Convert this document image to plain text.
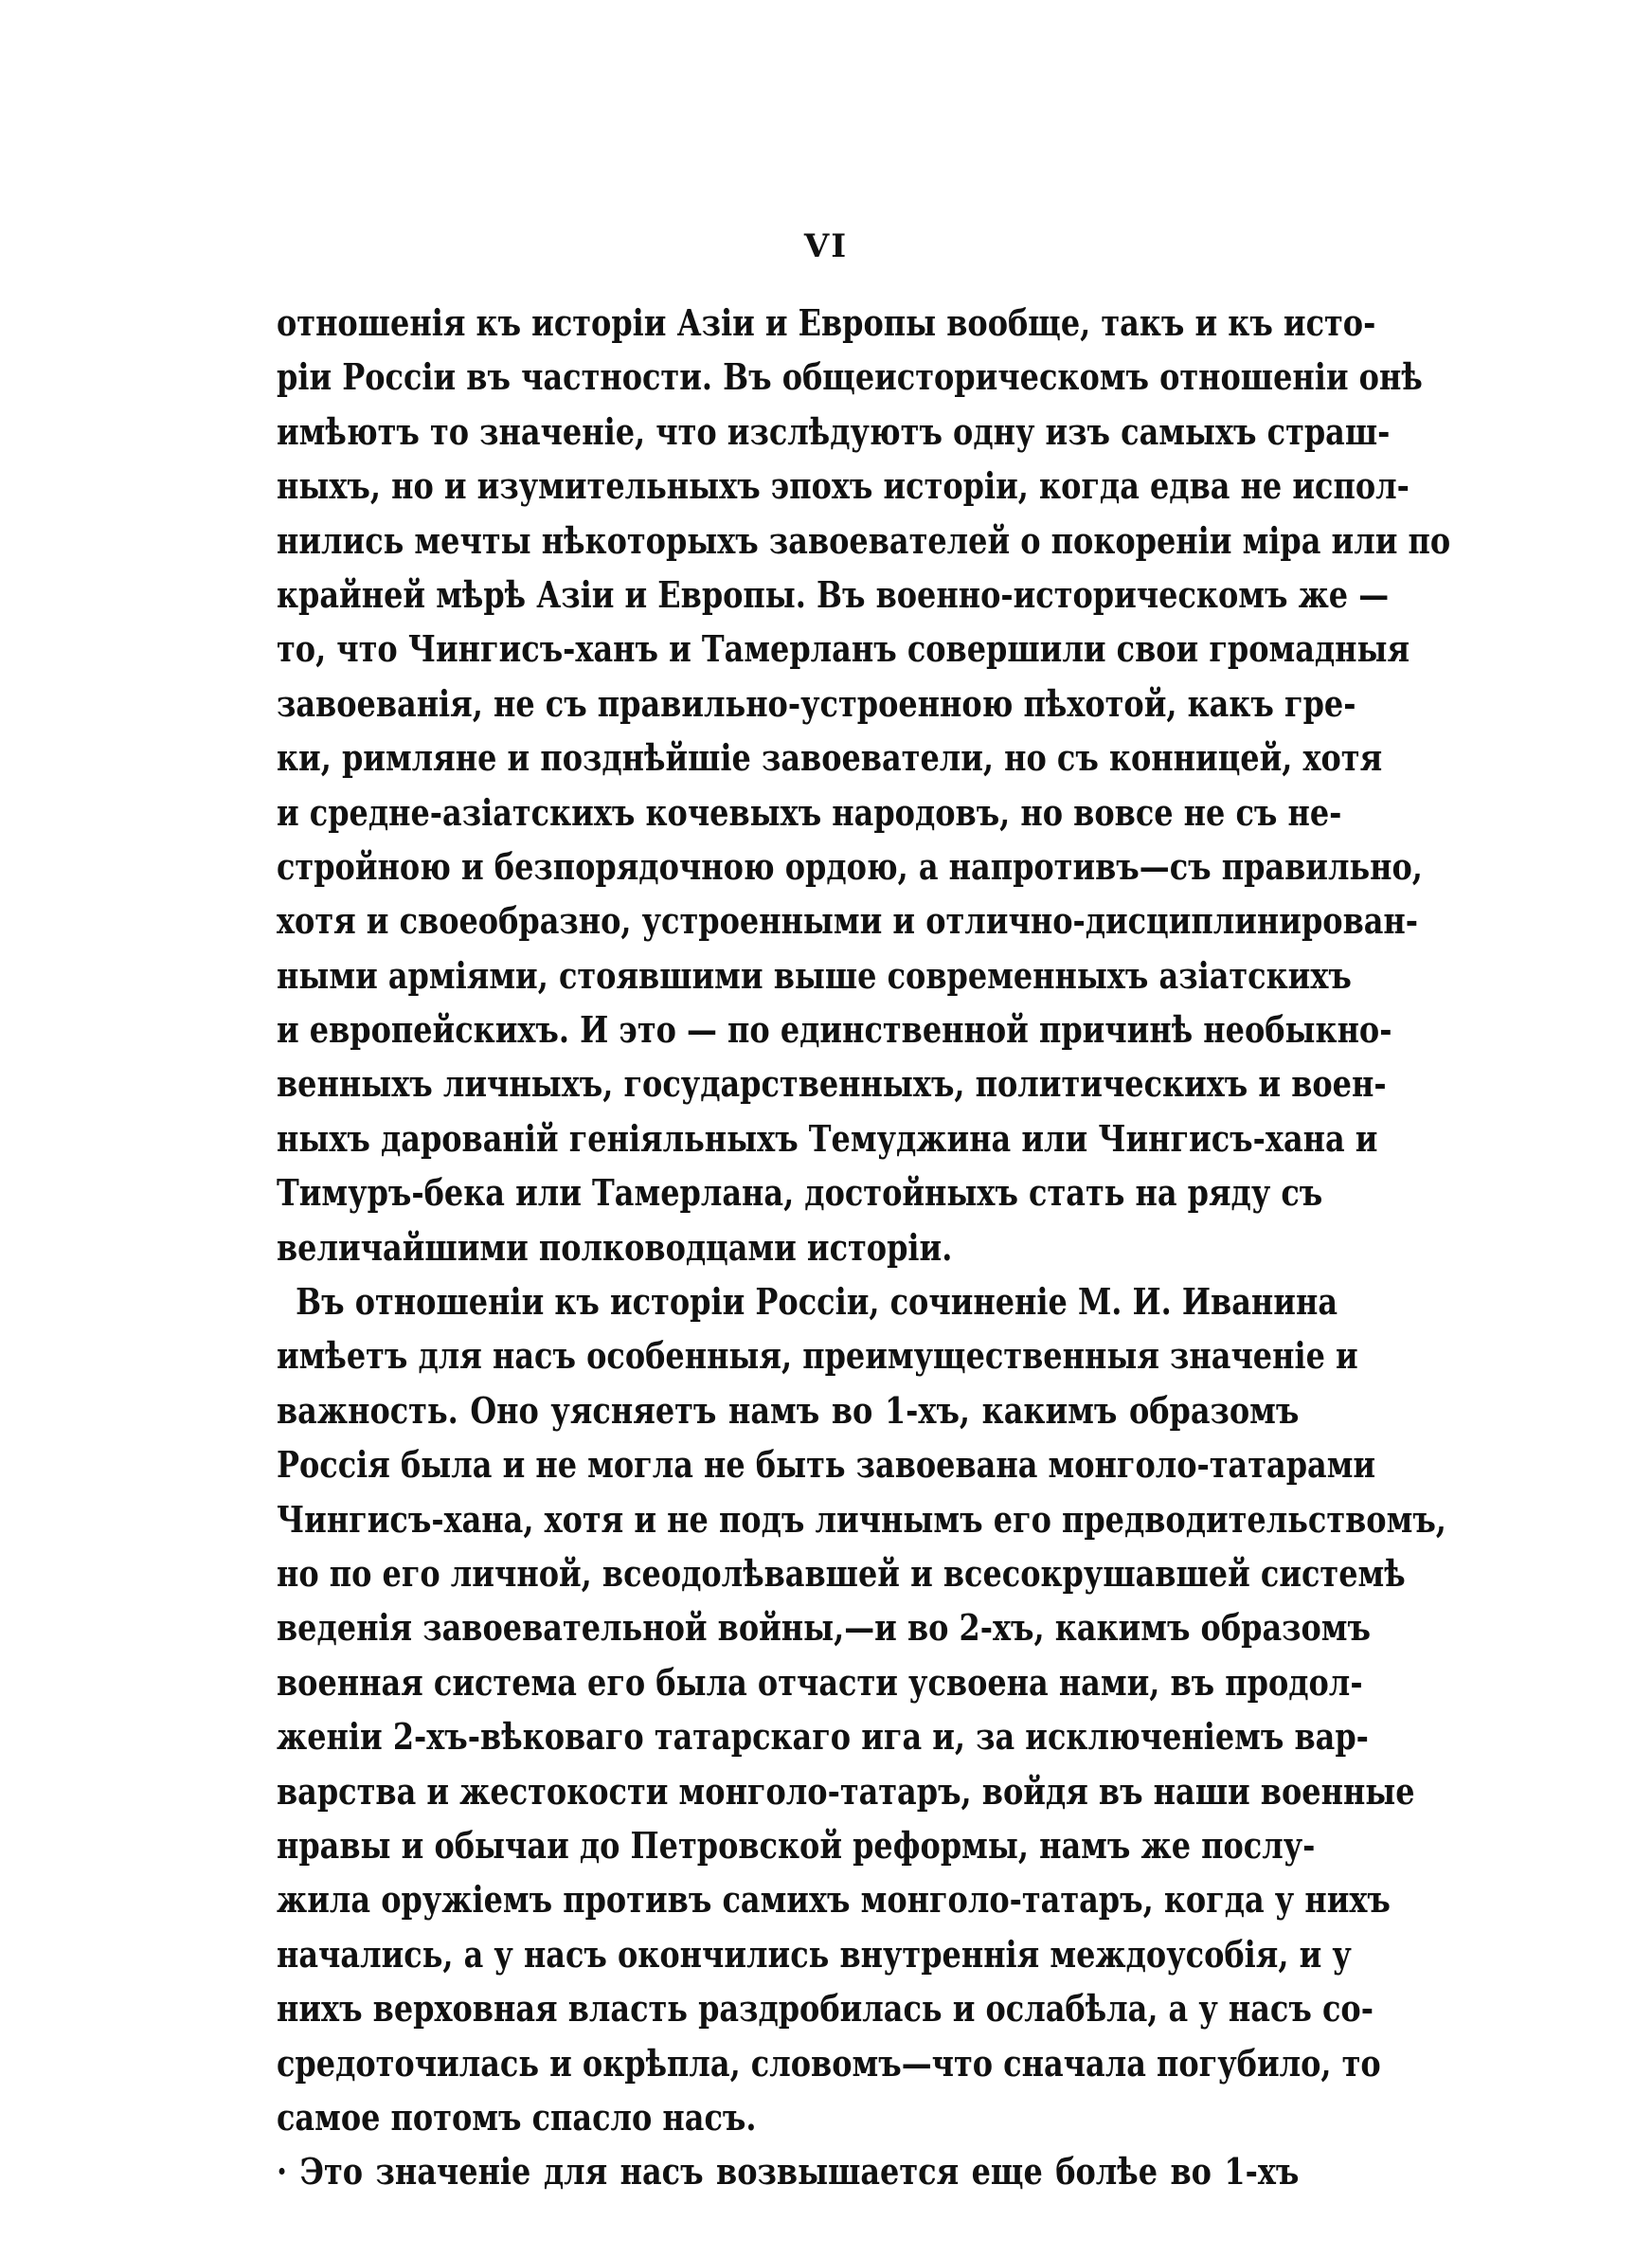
VI

отношенія къ исторіи Азіи и Европы вообще, такъ и къ исто-
ріи Россіи въ частности. Въ общеисторическомъ отношеніи онѣ
имѣютъ то значеніе, что изслѣдуютъ одну изъ самыхъ страш-
ныхъ, но и изумительныхъ эпохъ исторіи, когда едва не испол-
нились мечты нѣкоторыхъ завоевателей о покореніи міра или по
крайней мѣрѣ Азіи и Европы. Въ военно-историческомъ же —
то, что Чингисъ-ханъ и Тамерланъ совершили свои громадныя
завоеванія, не съ правильно-устроенною пѣхотой, какъ гре-
ки, римляне и позднѣйшіе завоеватели, но съ конницей, хотя
и средне-азіатскихъ кочевыхъ народовъ, но вовсе не съ не-
стройною и безпорядочною ордою, а напротивъ—съ правильно,
хотя и своеобразно, устроенными и отлично-дисциплинирован-
ными арміями, стоявшими выше современныхъ азіатскихъ
и европейскихъ. И это — по единственной причинѣ необыкно-
венныхъ личныхъ, государственныхъ, политическихъ и воен-
ныхъ дарованій геніяльныхъ Темуджина или Чингисъ-хана и
Тимуръ-бека или Тамерлана, достойныхъ стать на ряду съ
величайшими полководцами исторіи.
Въ отношеніи къ исторіи Россіи, сочиненіе М. И. Иванина
имѣетъ для насъ особенныя, преимущественныя значеніе и
важность. Оно уясняетъ намъ во 1-хъ, какимъ образомъ
Россія была и не могла не быть завоевана монголо-татарами
Чингисъ-хана, хотя и не подъ личнымъ его предводительствомъ,
но по его личной, всеодолѣвавшей и всесокрушавшей системѣ
веденія завоевательной войны,—и во 2-хъ, какимъ образомъ
военная система его была отчасти усвоена нами, въ продол-
женіи 2-хъ-вѣковаго татарскаго ига и, за исключеніемъ вар-
варства и жестокости монголо-татаръ, войдя въ наши военные
нравы и обычаи до Петровской реформы, намъ же послу-
жила оружіемъ противъ самихъ монголо-татаръ, когда у нихъ
начались, а у насъ окончились внутреннія междоусобія, и у
нихъ верховная власть раздробилась и ослабѣла, а у насъ со-
средоточилась и окрѣпла, словомъ—что сначала погубило, то
самое потомъ спасло насъ.
· Это значеніе для насъ возвышается еще болѣе во 1-хъ
